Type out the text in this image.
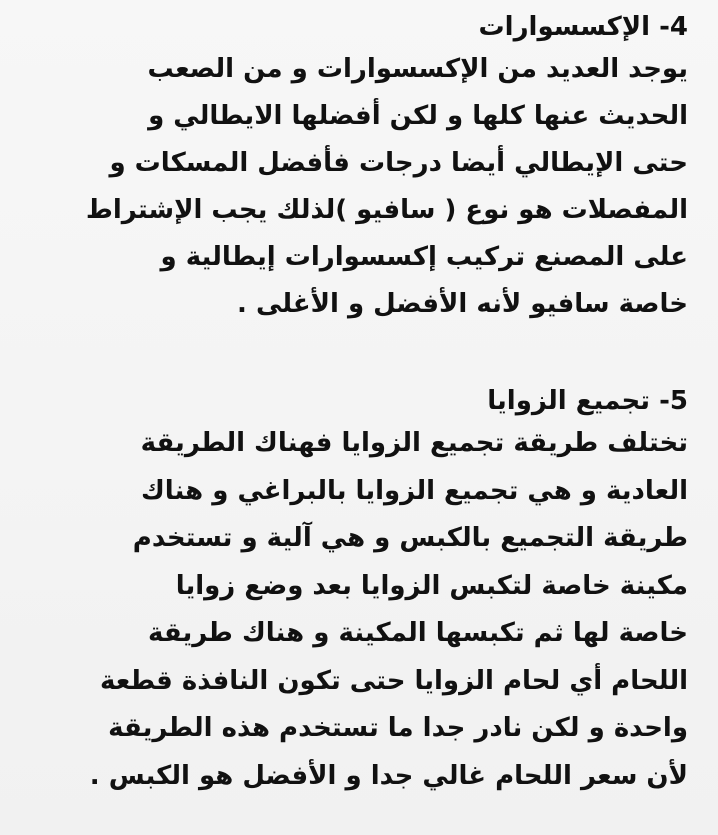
4- الإكسسوارات
يوجد العديد من الإكسسوارات و من الصعب
الحديث عنها كلها و لكن أفضلها الايطالي و
حتى الإيطالي أيضا درجات فأفضل المسكات و
المفصلات هو نوع ( سافيو )لذلك يجب الإشتراط
على المصنع تركيب إكسسوارات إيطالية و
خاصة سافيو لأنه الأفضل و الأغلى .
5- تجميع الزوايا
تختلف طريقة تجميع الزوايا فهناك الطريقة
العادية و هي تجميع الزوايا بالبراغي و هناك
طريقة التجميع بالكبس و هي آلية و تستخدم
مكينة خاصة لتكبس الزوايا بعد وضع زوايا
خاصة لها ثم تكبسها المكينة و هناك طريقة
اللحام أي لحام الزوايا حتى تكون النافذة قطعة
واحدة و لكن نادر جدا ما تستخدم هذه الطريقة
لأن سعر اللحام غالي جدا و الأفضل هو الكبس .
